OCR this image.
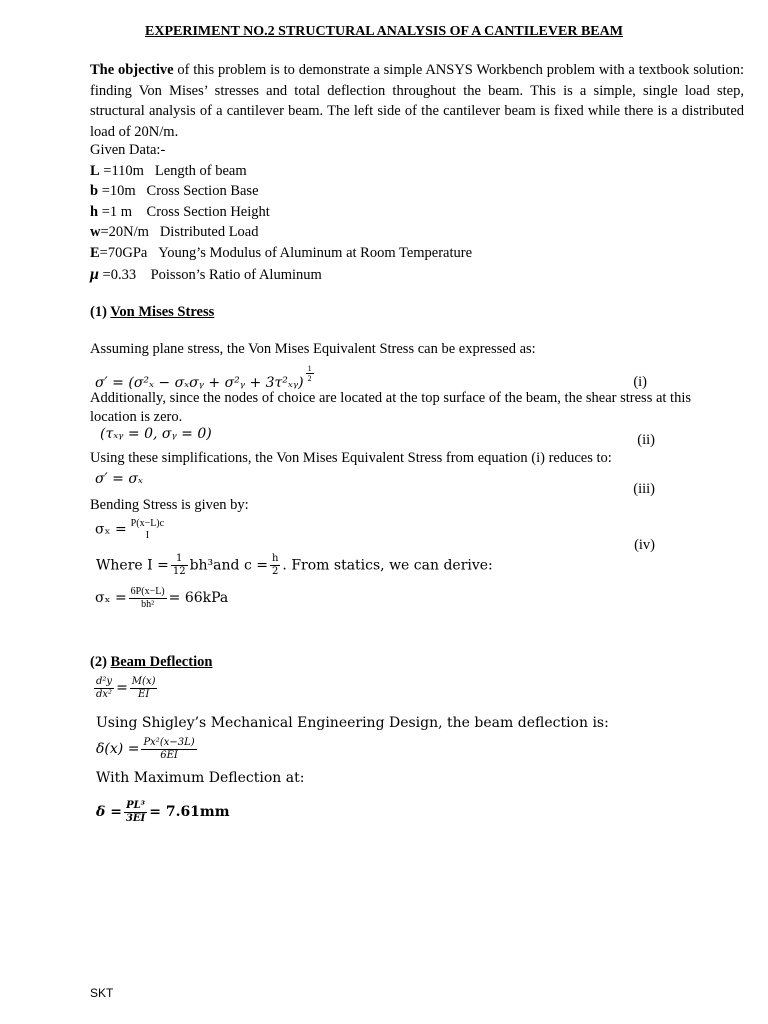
EXPERIMENT NO.2 STRUCTURAL ANALYSIS OF A CANTILEVER BEAM
The objective of this problem is to demonstrate a simple ANSYS Workbench problem with a textbook solution: finding Von Mises’ stresses and total deflection throughout the beam. This is a simple, single load step, structural analysis of a cantilever beam. The left side of the cantilever beam is fixed while there is a distributed load of 20N/m.
Given Data:-
L =110m Length of beam
b =10m Cross Section Base
h =1 m Cross Section Height
w=20N/m Distributed Load
E=70GPa Young’s Modulus of Aluminum at Room Temperature
μ =0.33 Poisson’s Ratio of Aluminum
(1) Von Mises Stress
Assuming plane stress, the Von Mises Equivalent Stress can be expressed as:
σ′ = (σ²ₓ − σₓσᵧ + σ²ᵧ + 3τ²ₓᵧ) $\frac{1}{2}$	(i)
Additionally, since the nodes of choice are located at the top surface of the beam, the shear stress at this
location is zero.
(τₓᵧ = 0, σᵧ = 0)	(ii)
Using these simplifications, the Von Mises Equivalent Stress from equation (i) reduces to:
σ′ = σₓ
(iii)
Bending Stress is given by:
σₓ = P(x−L)c
I
(iv)
Where $I = \frac{1}{12} bh^3and$ $c = \frac{h}{2}$ . From statics, we can derive:
$\sigma_x = \frac{6P(x-L)}{\text{bh²}} = 66kPa$
(2) Beam Deflection
$\frac{\text{d²y}}{\text{dx²}} = \frac{M(x)}{EI}$
Using Shigley’s Mechanical Engineering Design, the beam deflection is:
$\delta(x) = \frac{\text{Px²(x−3L)}}{6EI}$
With Maximum Deflection at:
$\delta = \frac{\text{PL³}}{3EI} = 7.61mm$
SKT
